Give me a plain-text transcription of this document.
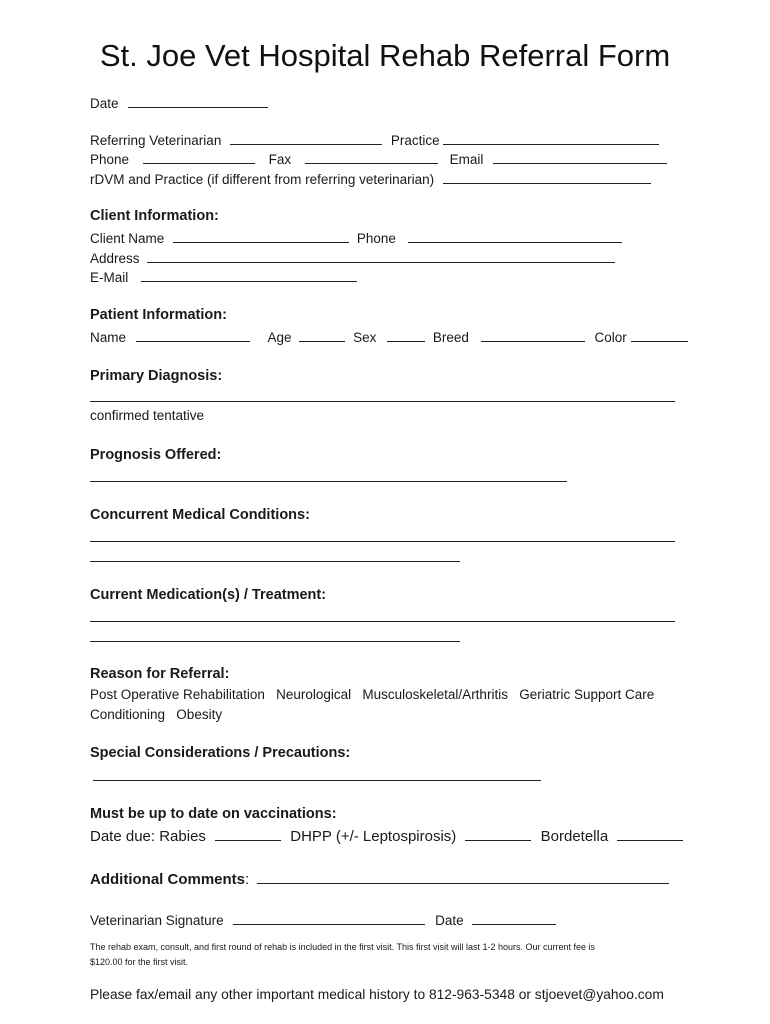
St. Joe Vet Hospital Rehab Referral Form
Date
Referring Veterinarian	Practice
Phone	Fax	Email
rDVM and Practice (if different from referring veterinarian)
Client Information:
Client Name	Phone
Address
E-Mail
Patient Information:
Name	Age	Sex	Breed	Color
Primary Diagnosis:
confirmed tentative
Prognosis Offered:
Concurrent Medical Conditions:
Current Medication(s) / Treatment:
Reason for Referral:
Post Operative Rehabilitation   Neurological   Musculoskeletal/Arthritis   Geriatric Support Care
Conditioning   Obesity
Special Considerations / Precautions:
Must be up to date on vaccinations:
Date due: Rabies	DHPP (+/- Leptospirosis)	Bordetella
Additional Comments:
Veterinarian Signature	Date
The rehab exam, consult, and first round of rehab is included in the first visit. This first visit will last 1-2 hours. Our current fee is
$120.00 for the first visit.
Please fax/email any other important medical history to 812-963-5348 or stjoevet@yahoo.com
